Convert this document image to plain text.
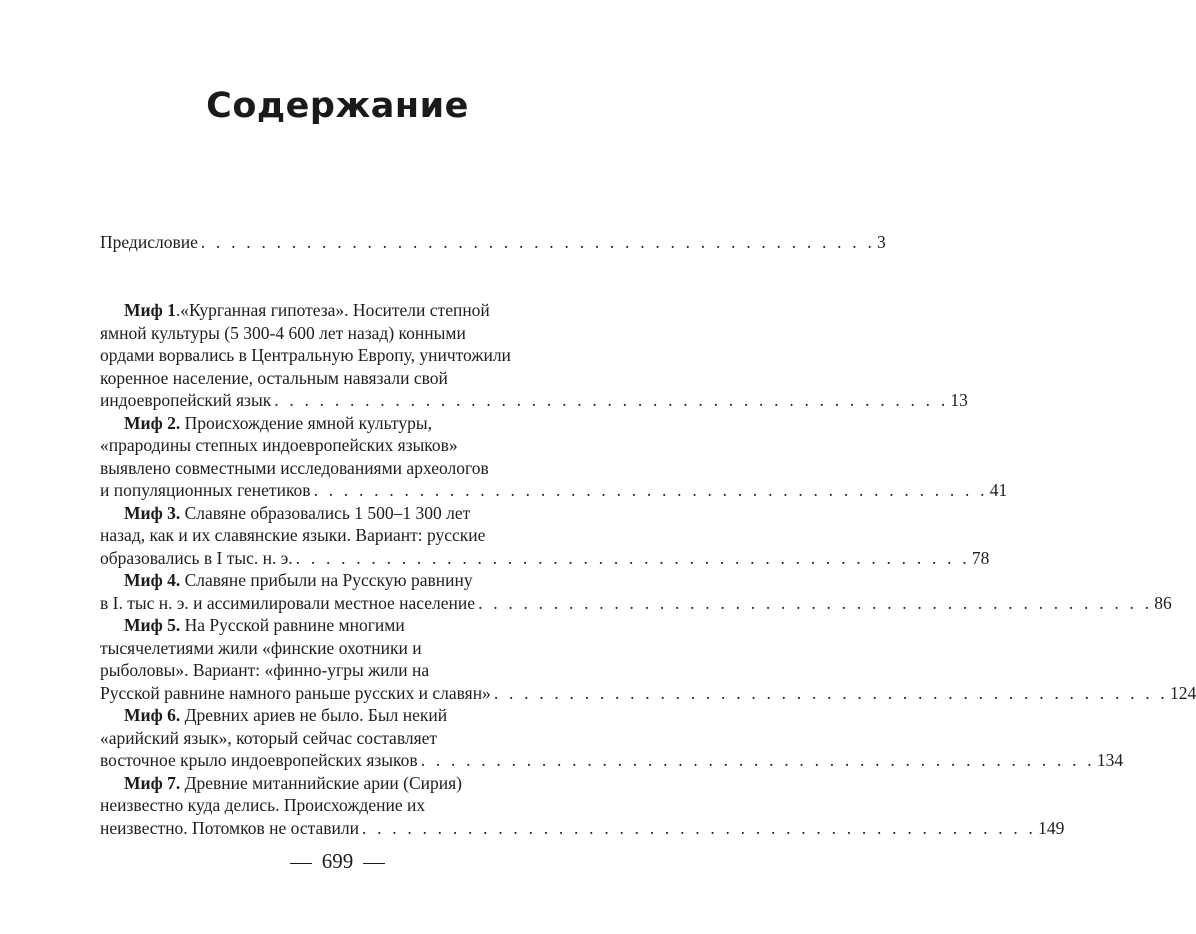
Содержание
Предисловие . . . . . . . . . . . . . . . . . . . . . . . . . . . . . . . . . . . . . . . . . . . . . 3
Миф 1.«Курганная гипотеза». Носители степной
ямной культуры (5 300-4 600 лет назад) конными
ордами ворвались в Центральную Европу, уничтожили
коренное население, остальным навязали свой
индоевропейский язык . . . . . . . . . . . . . . . . . . . . . . . . . . . . . . . . . . . . . . . . . . . . . 13
Миф 2. Происхождение ямной культуры,
«прародины степных индоевропейских языков»
выявлено совместными исследованиями археологов
и популяционных генетиков . . . . . . . . . . . . . . . . . . . . . . . . . . . . . . . . . . . . . . . . . . . . . 41
Миф 3. Славяне образовались 1 500–1 300 лет
назад, как и их славянские языки. Вариант: русские
образовались в I тыс. н. э. . . . . . . . . . . . . . . . . . . . . . . . . . . . . . . . . . . . . . . . . . . . . . 78
Миф 4. Славяне прибыли на Русскую равнину
в I. тыс н. э. и ассимилировали местное население . . . . . . . . . . . . . . . . . . . . . . . . . . . . . . . . . . . . . . . . . . . . . 86
Миф 5. На Русской равнине многими
тысячелетиями жили «финские охотники и
рыболовы». Вариант: «финно-угры жили на
Русской равнине намного раньше русских и славян» . . . . . . . . . . . . . . . . . . . . . . . . . . . . . . . . . . . . . . . . . . . . . 124
Миф 6. Древних ариев не было. Был некий
«арийский язык», который сейчас составляет
восточное крыло индоевропейских языков . . . . . . . . . . . . . . . . . . . . . . . . . . . . . . . . . . . . . . . . . . . . . 134
Миф 7. Древние митаннийские арии (Сирия)
неизвестно куда делись. Происхождение их
неизвестно. Потомков не оставили . . . . . . . . . . . . . . . . . . . . . . . . . . . . . . . . . . . . . . . . . . . . . 149
699
